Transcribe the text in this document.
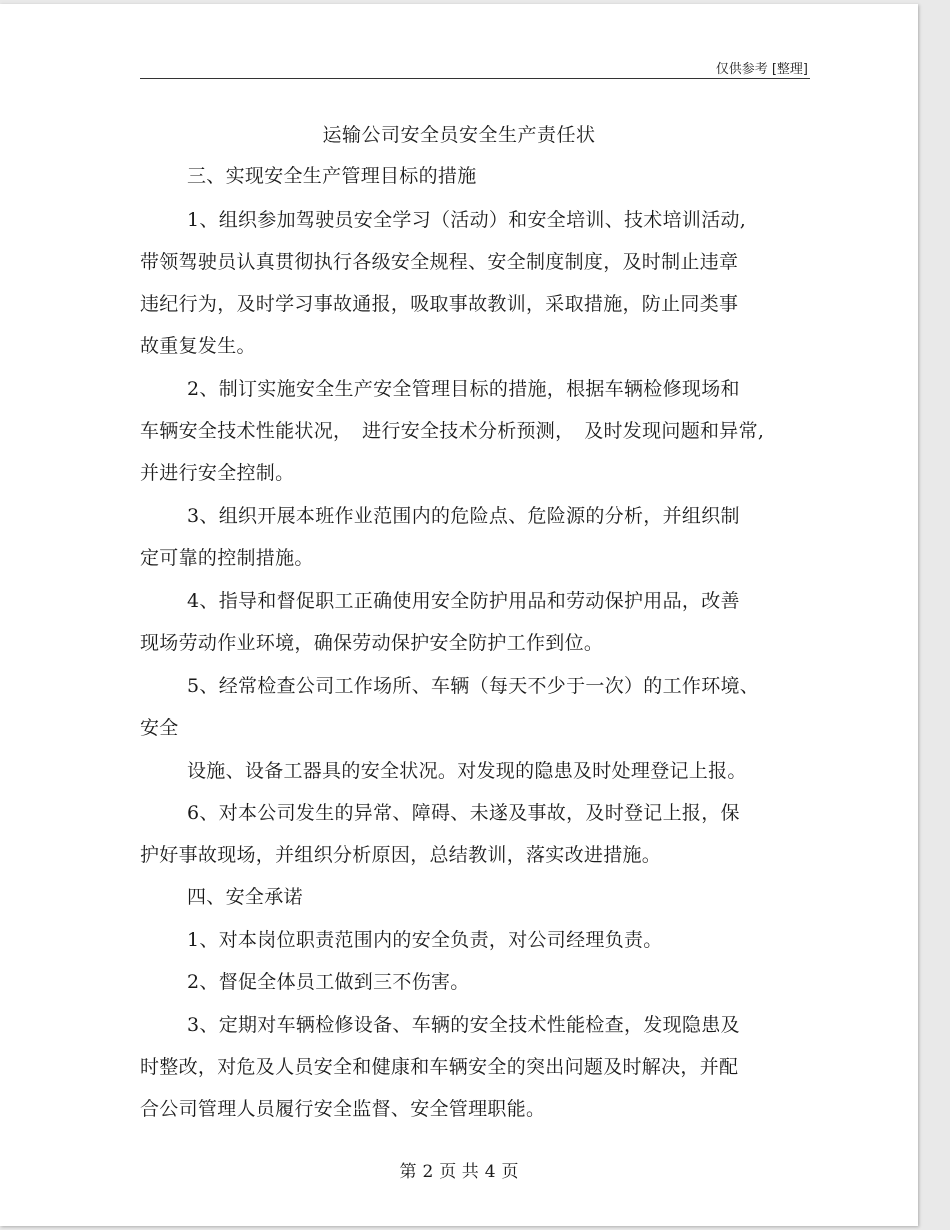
仅供参考 [整理]
运输公司安全员安全生产责任状
三、实现安全生产管理目标的措施
1、组织参加驾驶员安全学习（活动）和安全培训、技术培训活动,
带领驾驶员认真贯彻执行各级安全规程、安全制度制度，及时制止违章
违纪行为，及时学习事故通报，吸取事故教训，采取措施，防止同类事
故重复发生。
2、制订实施安全生产安全管理目标的措施，根据车辆检修现场和
车辆安全技术性能状况，　进行安全技术分析预测，　及时发现问题和异常,
并进行安全控制。
3、组织开展本班作业范围内的危险点、危险源的分析，并组织制
定可靠的控制措施。
4、指导和督促职工正确使用安全防护用品和劳动保护用品，改善
现场劳动作业环境，确保劳动保护安全防护工作到位。
5、经常检查公司工作场所、车辆（每天不少于一次）的工作环境、
安全
设施、设备工器具的安全状况。对发现的隐患及时处理登记上报。
6、对本公司发生的异常、障碍、未遂及事故，及时登记上报，保
护好事故现场，并组织分析原因，总结教训，落实改进措施。
四、安全承诺
1、对本岗位职责范围内的安全负责，对公司经理负责。
2、督促全体员工做到三不伤害。
3、定期对车辆检修设备、车辆的安全技术性能检查，发现隐患及
时整改，对危及人员安全和健康和车辆安全的突出问题及时解决，并配
合公司管理人员履行安全监督、安全管理职能。
第 2 页 共 4 页
